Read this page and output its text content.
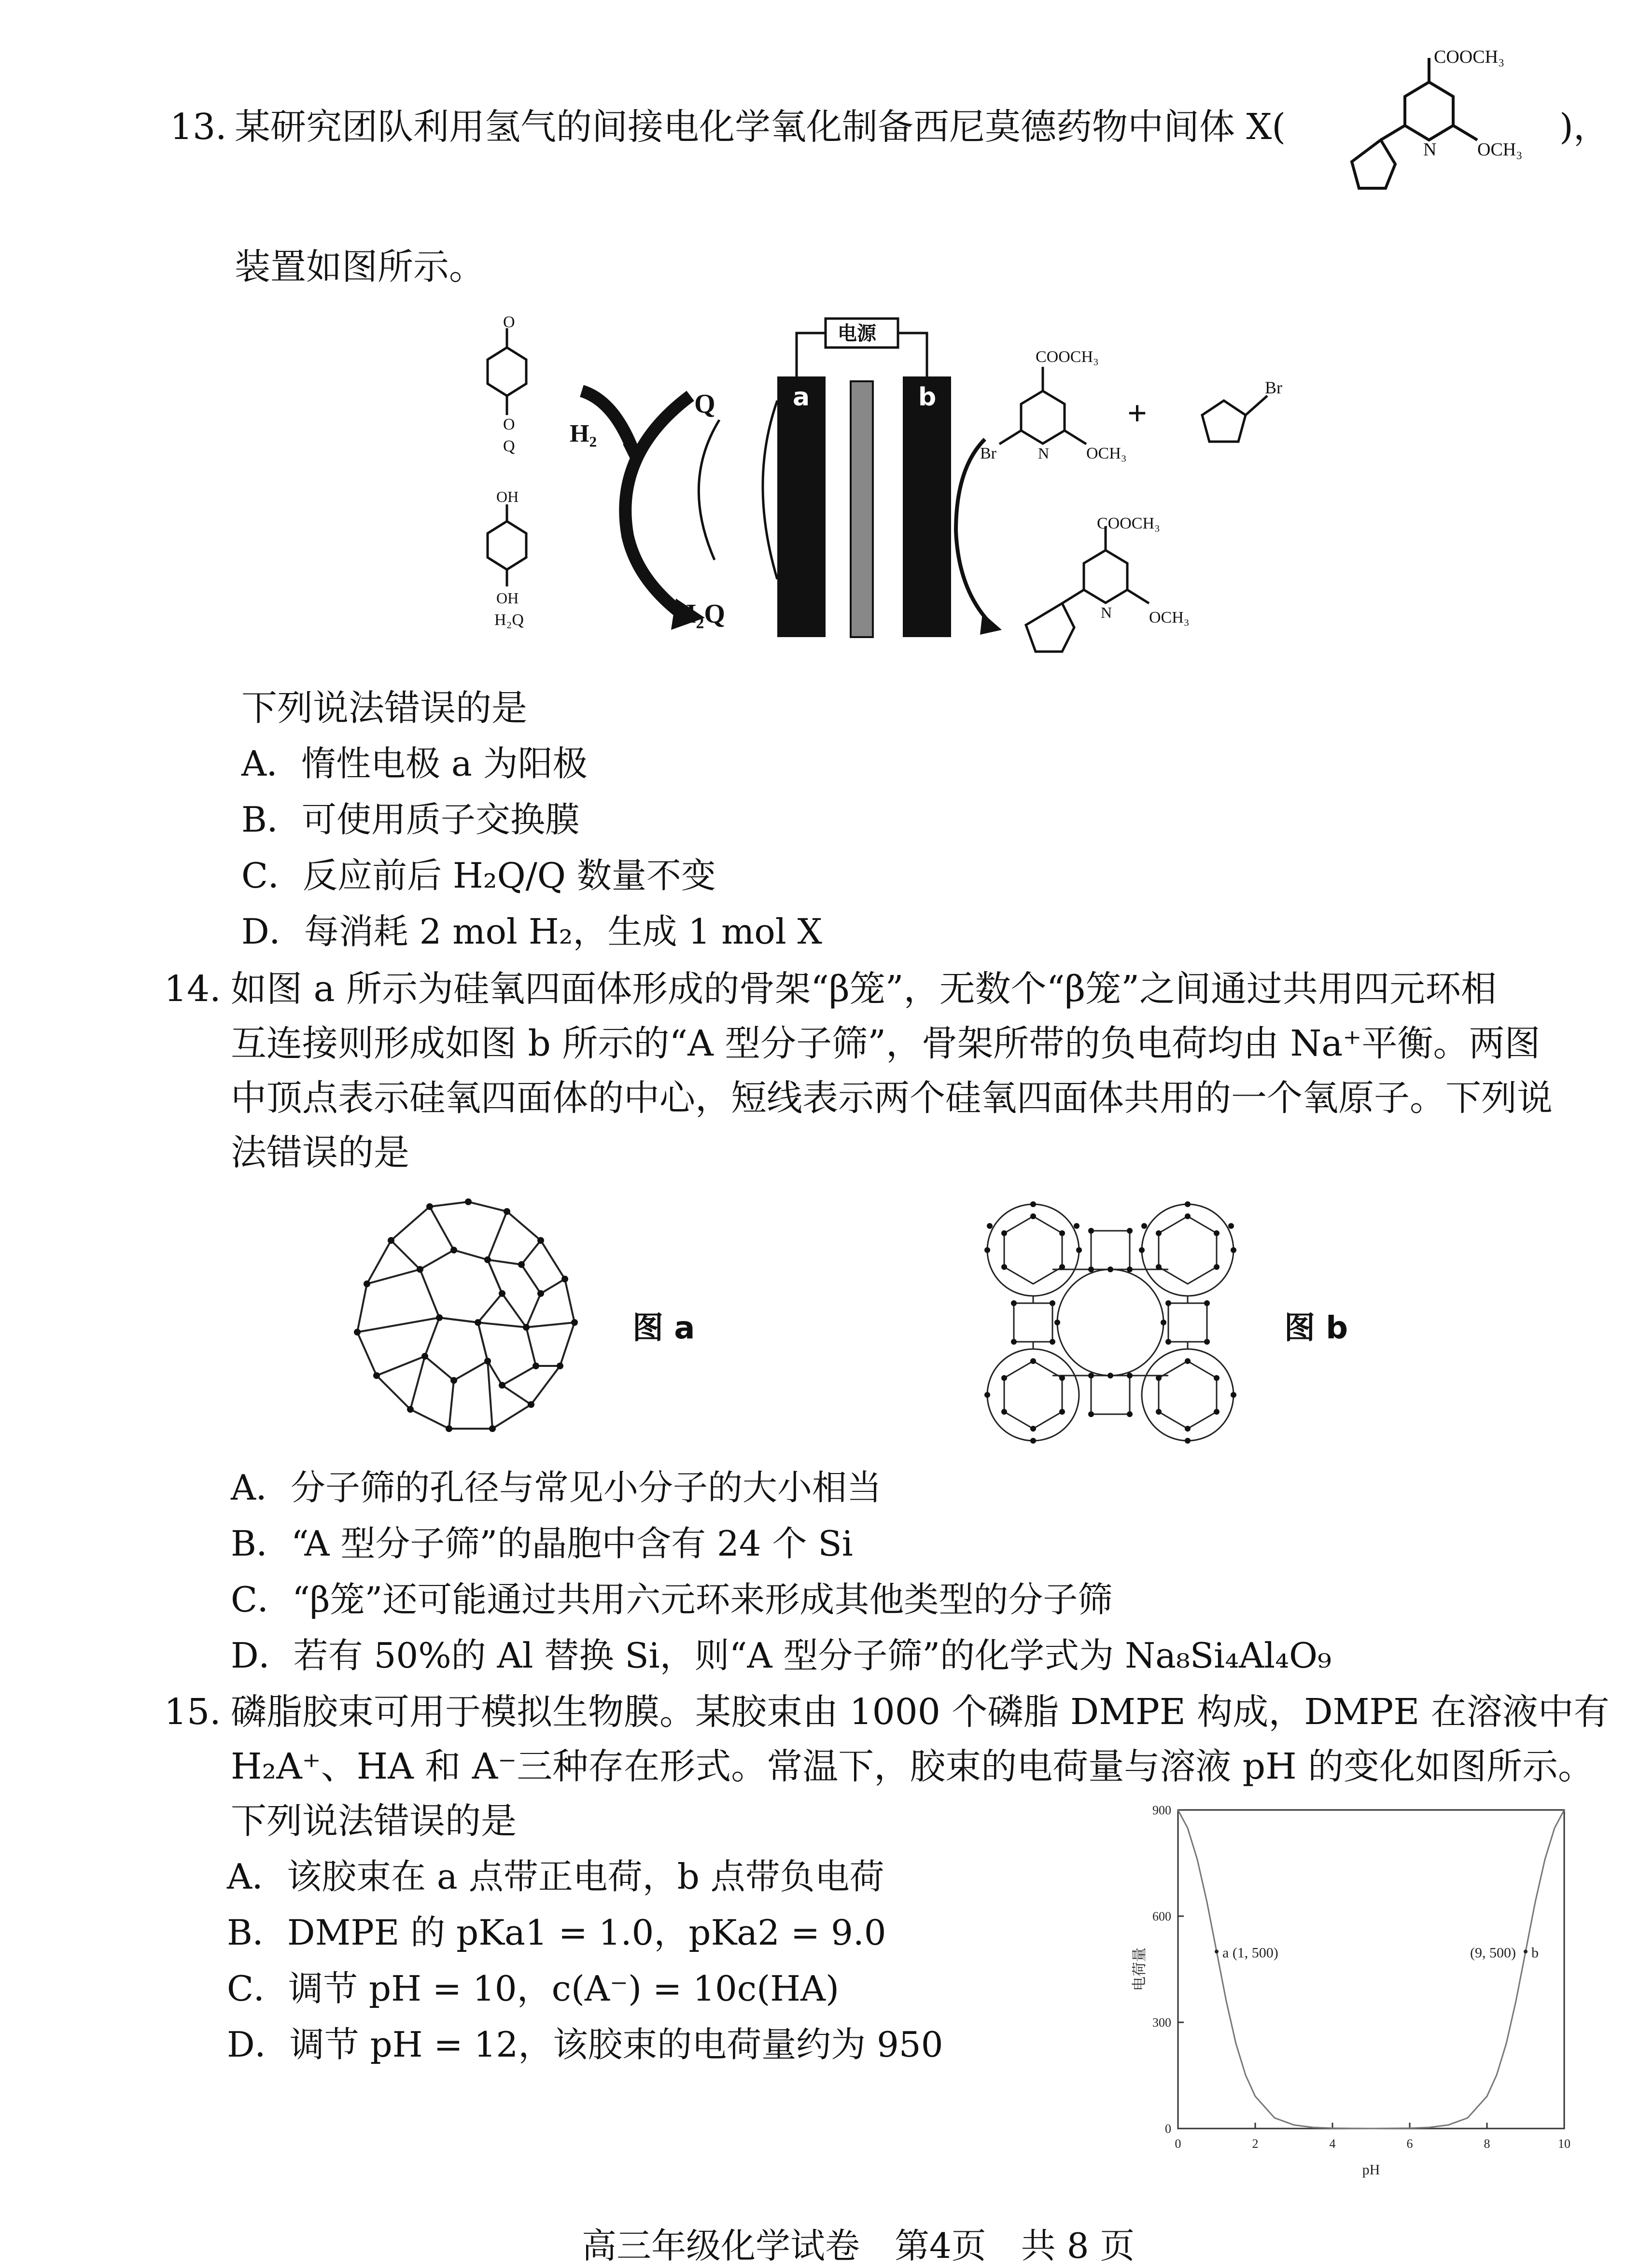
13. 某研究团队利用氢气的间接电化学氧化制备西尼莫德药物中间体 X(
COOCH₃
N OCH₃
)，
装置如图所示。
O
O
Q
OH
OH
H₂Q
H₂
Q
H₂Q
电源
a	b
COOCH₃
Br	N OCH₃
+
Br
COOCH₃
N OCH₃
下列说法错误的是
A．惰性电极 a 为阳极
B．可使用质子交换膜
C．反应前后 H₂Q/Q 数量不变
D．每消耗 2 mol H₂，生成 1 mol X
14. 如图 a 所示为硅氧四面体形成的骨架“β笼”，无数个“β笼”之间通过共用四元环相
互连接则形成如图 b 所示的“A 型分子筛”，骨架所带的负电荷均由 Na⁺平衡。两图
中顶点表示硅氧四面体的中心，短线表示两个硅氧四面体共用的一个氧原子。下列说
法错误的是
图 a	图 b
A．分子筛的孔径与常见小分子的大小相当
B．“A 型分子筛”的晶胞中含有 24 个 Si
C．“β笼”还可能通过共用六元环来形成其他类型的分子筛
D．若有 50%的 Al 替换 Si，则“A 型分子筛”的化学式为 Na₈Si₄Al₄O₉
15. 磷脂胶束可用于模拟生物膜。某胶束由 1000 个磷脂 DMPE 构成，DMPE 在溶液中有
H₂A⁺、HA 和 A⁻三种存在形式。常温下，胶束的电荷量与溶液 pH 的变化如图所示。
下列说法错误的是
A．该胶束在 a 点带正电荷，b 点带负电荷
B．DMPE 的 pKa1 = 1.0，pKa2 = 9.0
C．调节 pH = 10，c(A⁻) = 10c(HA)
D．调节 pH = 12，该胶束的电荷量约为 950
0	2	4	6	8	10
0
300
600
900
pH
电荷量	a (1, 500)	(9, 500) b
高三年级化学试卷　第4页　共 8 页
